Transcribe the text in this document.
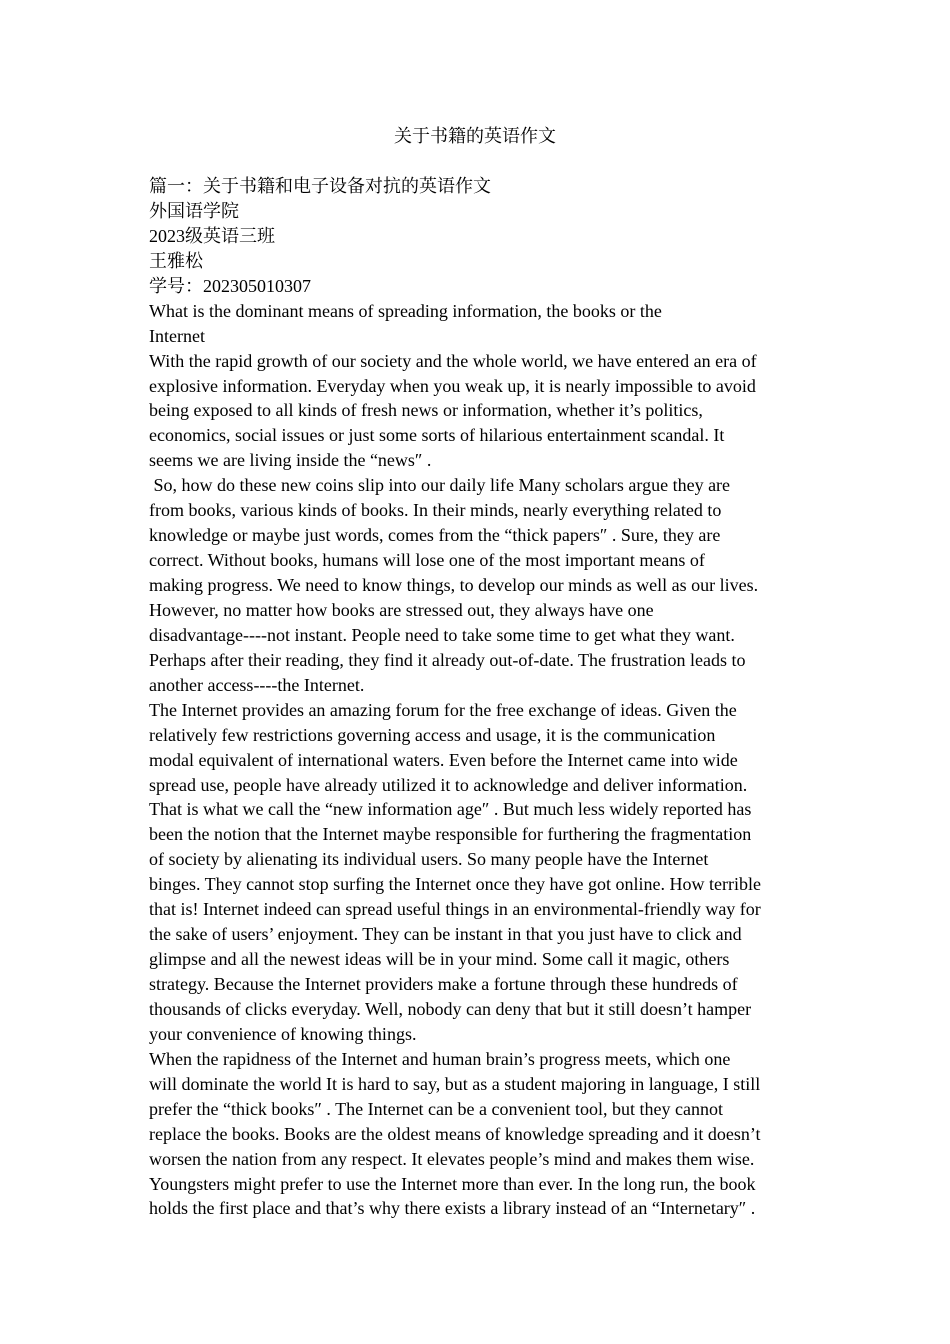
关于书籍的英语作文
篇一：关于书籍和电子设备对抗的英语作文
外国语学院
2023级英语三班
王雅松
学号：202305010307
What is the dominant means of spreading information, the books or the
Internet
With the rapid growth of our society and the whole world, we have entered an era of
explosive information. Everyday when you weak up, it is nearly impossible to avoid
being exposed to all kinds of fresh news or information, whether it’s politics,
economics, social issues or just some sorts of hilarious entertainment scandal. It
seems we are living inside the “news″ .
So, how do these new coins slip into our daily life Many scholars argue they are
from books, various kinds of books. In their minds, nearly everything related to
knowledge or maybe just words, comes from the “thick papers″ . Sure, they are
correct. Without books, humans will lose one of the most important means of
making progress. We need to know things, to develop our minds as well as our lives.
However, no matter how books are stressed out, they always have one
disadvantage----not instant. People need to take some time to get what they want.
Perhaps after their reading, they find it already out-of-date. The frustration leads to
another access----the Internet.
The Internet provides an amazing forum for the free exchange of ideas. Given the
relatively few restrictions governing access and usage, it is the communication
modal equivalent of international waters. Even before the Internet came into wide
spread use, people have already utilized it to acknowledge and deliver information.
That is what we call the “new information age″ . But much less widely reported has
been the notion that the Internet maybe responsible for furthering the fragmentation
of society by alienating its individual users. So many people have the Internet
binges. They cannot stop surfing the Internet once they have got online. How terrible
that is! Internet indeed can spread useful things in an environmental-friendly way for
the sake of users’ enjoyment. They can be instant in that you just have to click and
glimpse and all the newest ideas will be in your mind. Some call it magic, others
strategy. Because the Internet providers make a fortune through these hundreds of
thousands of clicks everyday. Well, nobody can deny that but it still doesn’t hamper
your convenience of knowing things.
When the rapidness of the Internet and human brain’s progress meets, which one
will dominate the world It is hard to say, but as a student majoring in language, I still
prefer the “thick books″ . The Internet can be a convenient tool, but they cannot
replace the books. Books are the oldest means of knowledge spreading and it doesn’t
worsen the nation from any respect. It elevates people’s mind and makes them wise.
Youngsters might prefer to use the Internet more than ever. In the long run, the book
holds the first place and that’s why there exists a library instead of an “Internetary″ .
